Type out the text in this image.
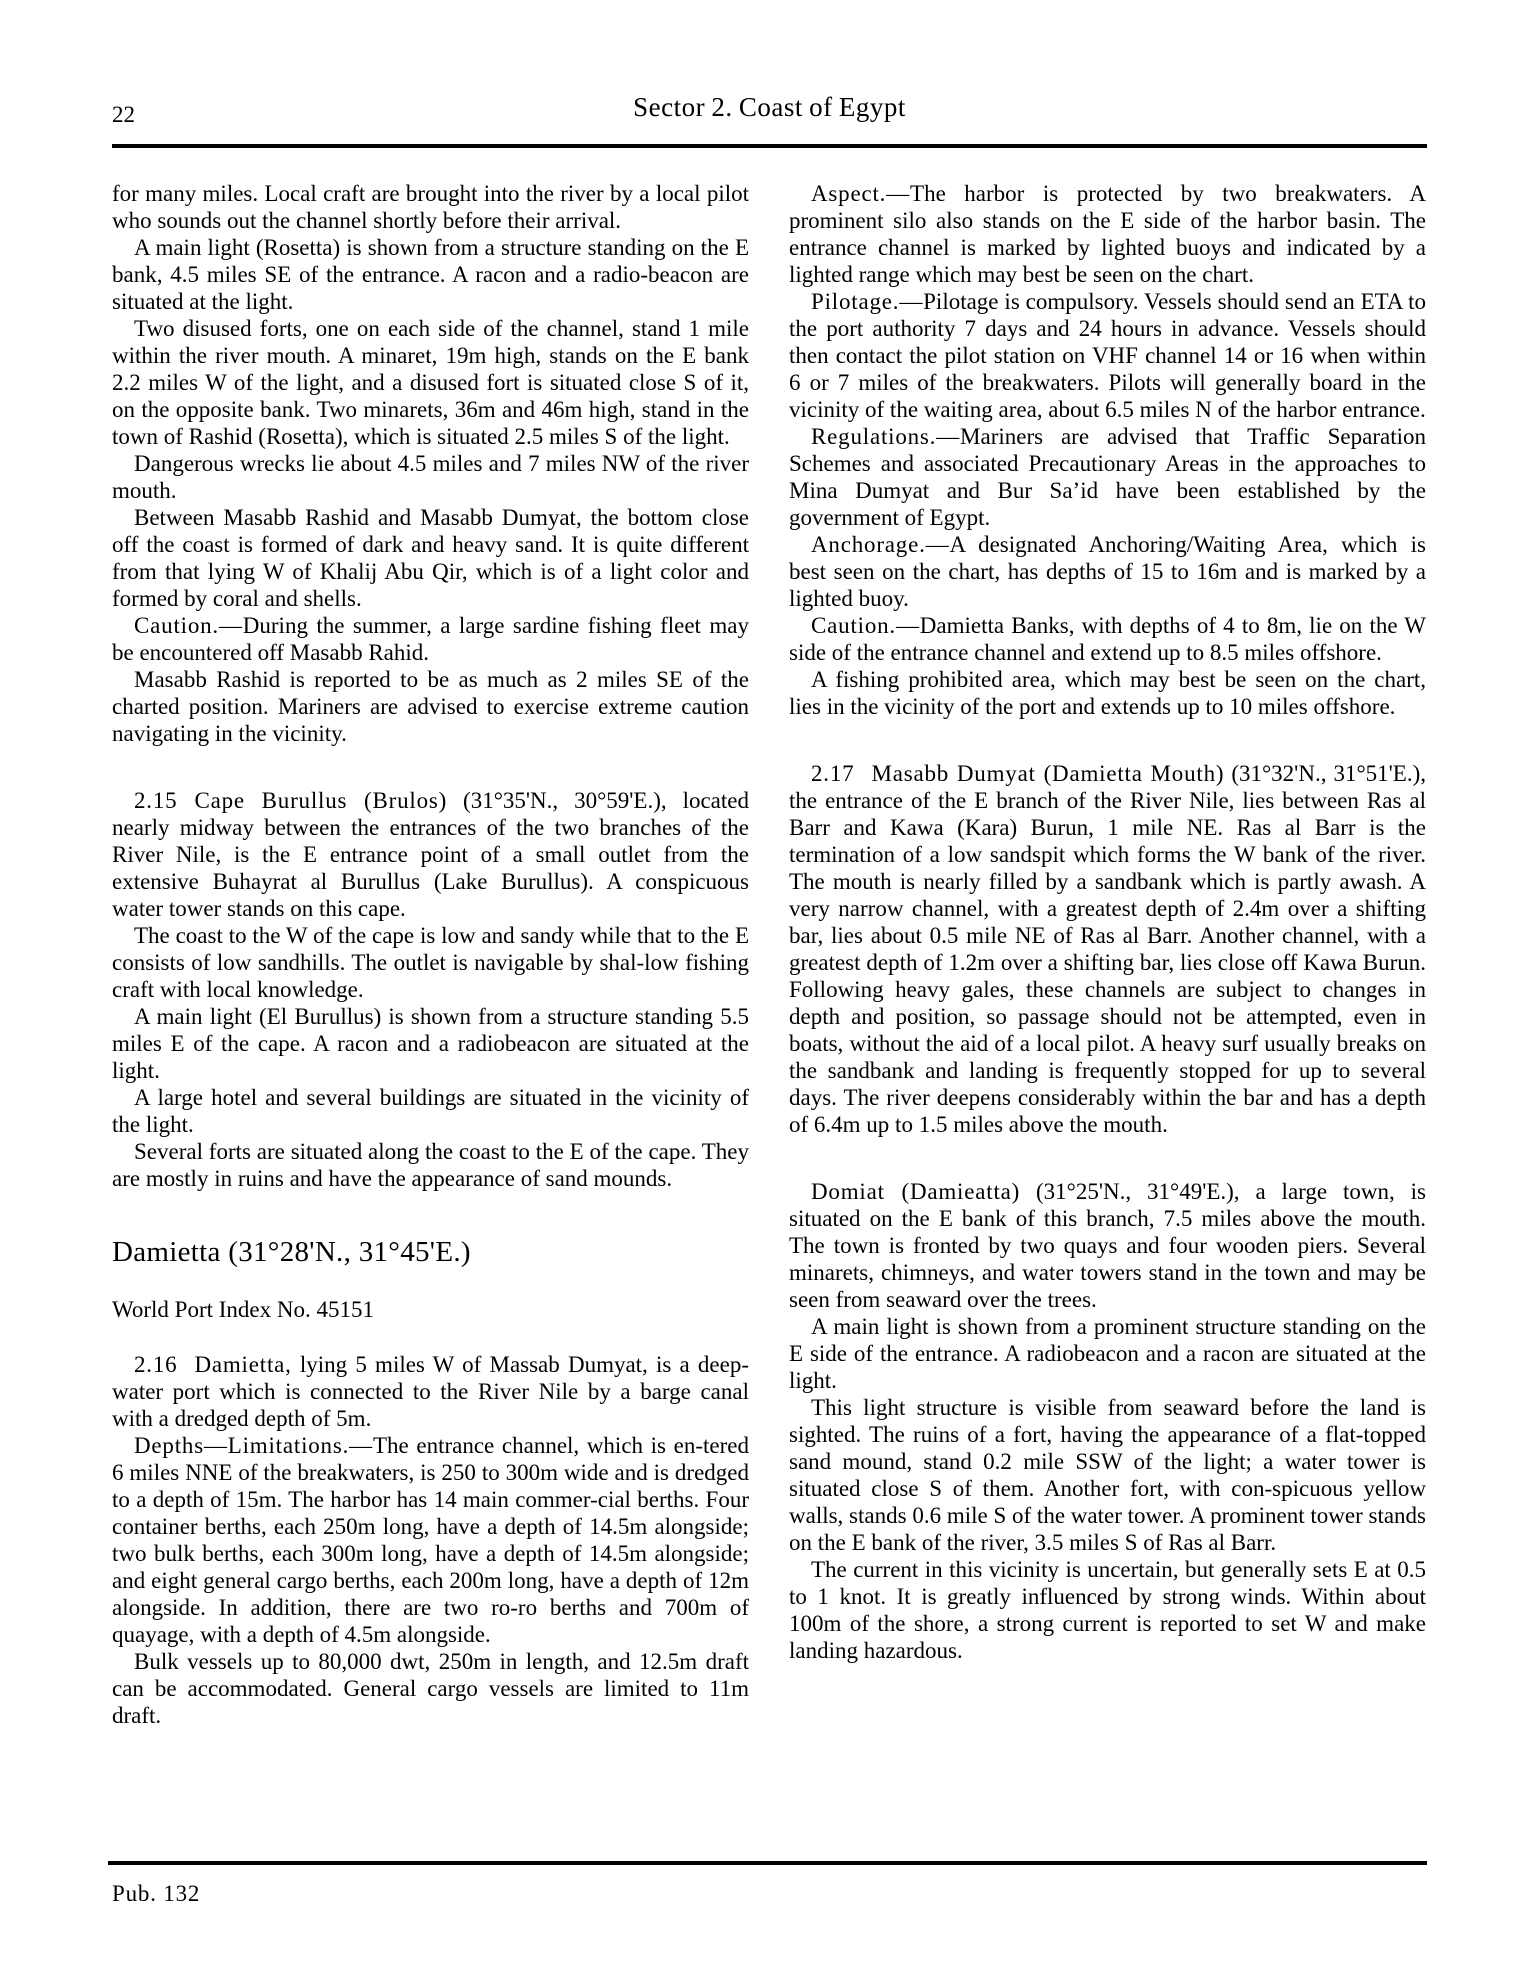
22	Sector 2. Coast of Egypt

for many miles. Local craft are brought into the river by a local pilot who sounds out the channel shortly before their arrival.

A main light (Rosetta) is shown from a structure standing on the E bank, 4.5 miles SE of the entrance. A racon and a radio-beacon are situated at the light.

Two disused forts, one on each side of the channel, stand 1 mile within the river mouth. A minaret, 19m high, stands on the E bank 2.2 miles W of the light, and a disused fort is situated close S of it, on the opposite bank. Two minarets, 36m and 46m high, stand in the town of Rashid (Rosetta), which is situated 2.5 miles S of the light.

Dangerous wrecks lie about 4.5 miles and 7 miles NW of the river mouth.

Between Masabb Rashid and Masabb Dumyat, the bottom close off the coast is formed of dark and heavy sand. It is quite different from that lying W of Khalij Abu Qir, which is of a light color and formed by coral and shells.

Caution.—During the summer, a large sardine fishing fleet may be encountered off Masabb Rahid.

Masabb Rashid is reported to be as much as 2 miles SE of the charted position. Mariners are advised to exercise extreme caution navigating in the vicinity.

2.15 Cape Burullus (Brulos) (31°35'N., 30°59'E.), located nearly midway between the entrances of the two branches of the River Nile, is the E entrance point of a small outlet from the extensive Buhayrat al Burullus (Lake Burullus). A conspicuous water tower stands on this cape.

The coast to the W of the cape is low and sandy while that to the E consists of low sandhills. The outlet is navigable by shal-low fishing craft with local knowledge.

A main light (El Burullus) is shown from a structure standing 5.5 miles E of the cape. A racon and a radiobeacon are situated at the light.

A large hotel and several buildings are situated in the vicinity of the light.

Several forts are situated along the coast to the E of the cape. They are mostly in ruins and have the appearance of sand mounds.

Damietta (31°28'N., 31°45'E.)

World Port Index No. 45151

2.16 Damietta, lying 5 miles W of Massab Dumyat, is a deep-water port which is connected to the River Nile by a barge canal with a dredged depth of 5m.

Depths—Limitations.—The entrance channel, which is en-tered 6 miles NNE of the breakwaters, is 250 to 300m wide and is dredged to a depth of 15m. The harbor has 14 main commer-cial berths. Four container berths, each 250m long, have a depth of 14.5m alongside; two bulk berths, each 300m long, have a depth of 14.5m alongside; and eight general cargo berths, each 200m long, have a depth of 12m alongside. In addition, there are two ro-ro berths and 700m of quayage, with a depth of 4.5m alongside.

Bulk vessels up to 80,000 dwt, 250m in length, and 12.5m draft can be accommodated. General cargo vessels are limited to 11m draft.

Aspect.—The harbor is protected by two breakwaters. A prominent silo also stands on the E side of the harbor basin. The entrance channel is marked by lighted buoys and indicated by a lighted range which may best be seen on the chart.

Pilotage.—Pilotage is compulsory. Vessels should send an ETA to the port authority 7 days and 24 hours in advance. Vessels should then contact the pilot station on VHF channel 14 or 16 when within 6 or 7 miles of the breakwaters. Pilots will generally board in the vicinity of the waiting area, about 6.5 miles N of the harbor entrance.

Regulations.—Mariners are advised that Traffic Separation Schemes and associated Precautionary Areas in the approaches to Mina Dumyat and Bur Sa’id have been established by the government of Egypt.

Anchorage.—A designated Anchoring/Waiting Area, which is best seen on the chart, has depths of 15 to 16m and is marked by a lighted buoy.

Caution.—Damietta Banks, with depths of 4 to 8m, lie on the W side of the entrance channel and extend up to 8.5 miles offshore.

A fishing prohibited area, which may best be seen on the chart, lies in the vicinity of the port and extends up to 10 miles offshore.

2.17 Masabb Dumyat (Damietta Mouth) (31°32'N., 31°51'E.), the entrance of the E branch of the River Nile, lies between Ras al Barr and Kawa (Kara) Burun, 1 mile NE. Ras al Barr is the termination of a low sandspit which forms the W bank of the river. The mouth is nearly filled by a sandbank which is partly awash. A very narrow channel, with a greatest depth of 2.4m over a shifting bar, lies about 0.5 mile NE of Ras al Barr. Another channel, with a greatest depth of 1.2m over a shifting bar, lies close off Kawa Burun. Following heavy gales, these channels are subject to changes in depth and position, so passage should not be attempted, even in boats, without the aid of a local pilot. A heavy surf usually breaks on the sandbank and landing is frequently stopped for up to several days. The river deepens considerably within the bar and has a depth of 6.4m up to 1.5 miles above the mouth.

Domiat (Damieatta) (31°25'N., 31°49'E.), a large town, is situated on the E bank of this branch, 7.5 miles above the mouth. The town is fronted by two quays and four wooden piers. Several minarets, chimneys, and water towers stand in the town and may be seen from seaward over the trees.

A main light is shown from a prominent structure standing on the E side of the entrance. A radiobeacon and a racon are situated at the light.

This light structure is visible from seaward before the land is sighted. The ruins of a fort, having the appearance of a flat-topped sand mound, stand 0.2 mile SSW of the light; a water tower is situated close S of them. Another fort, with con-spicuous yellow walls, stands 0.6 mile S of the water tower. A prominent tower stands on the E bank of the river, 3.5 miles S of Ras al Barr.

The current in this vicinity is uncertain, but generally sets E at 0.5 to 1 knot. It is greatly influenced by strong winds. Within about 100m of the shore, a strong current is reported to set W and make landing hazardous.

Pub. 132
